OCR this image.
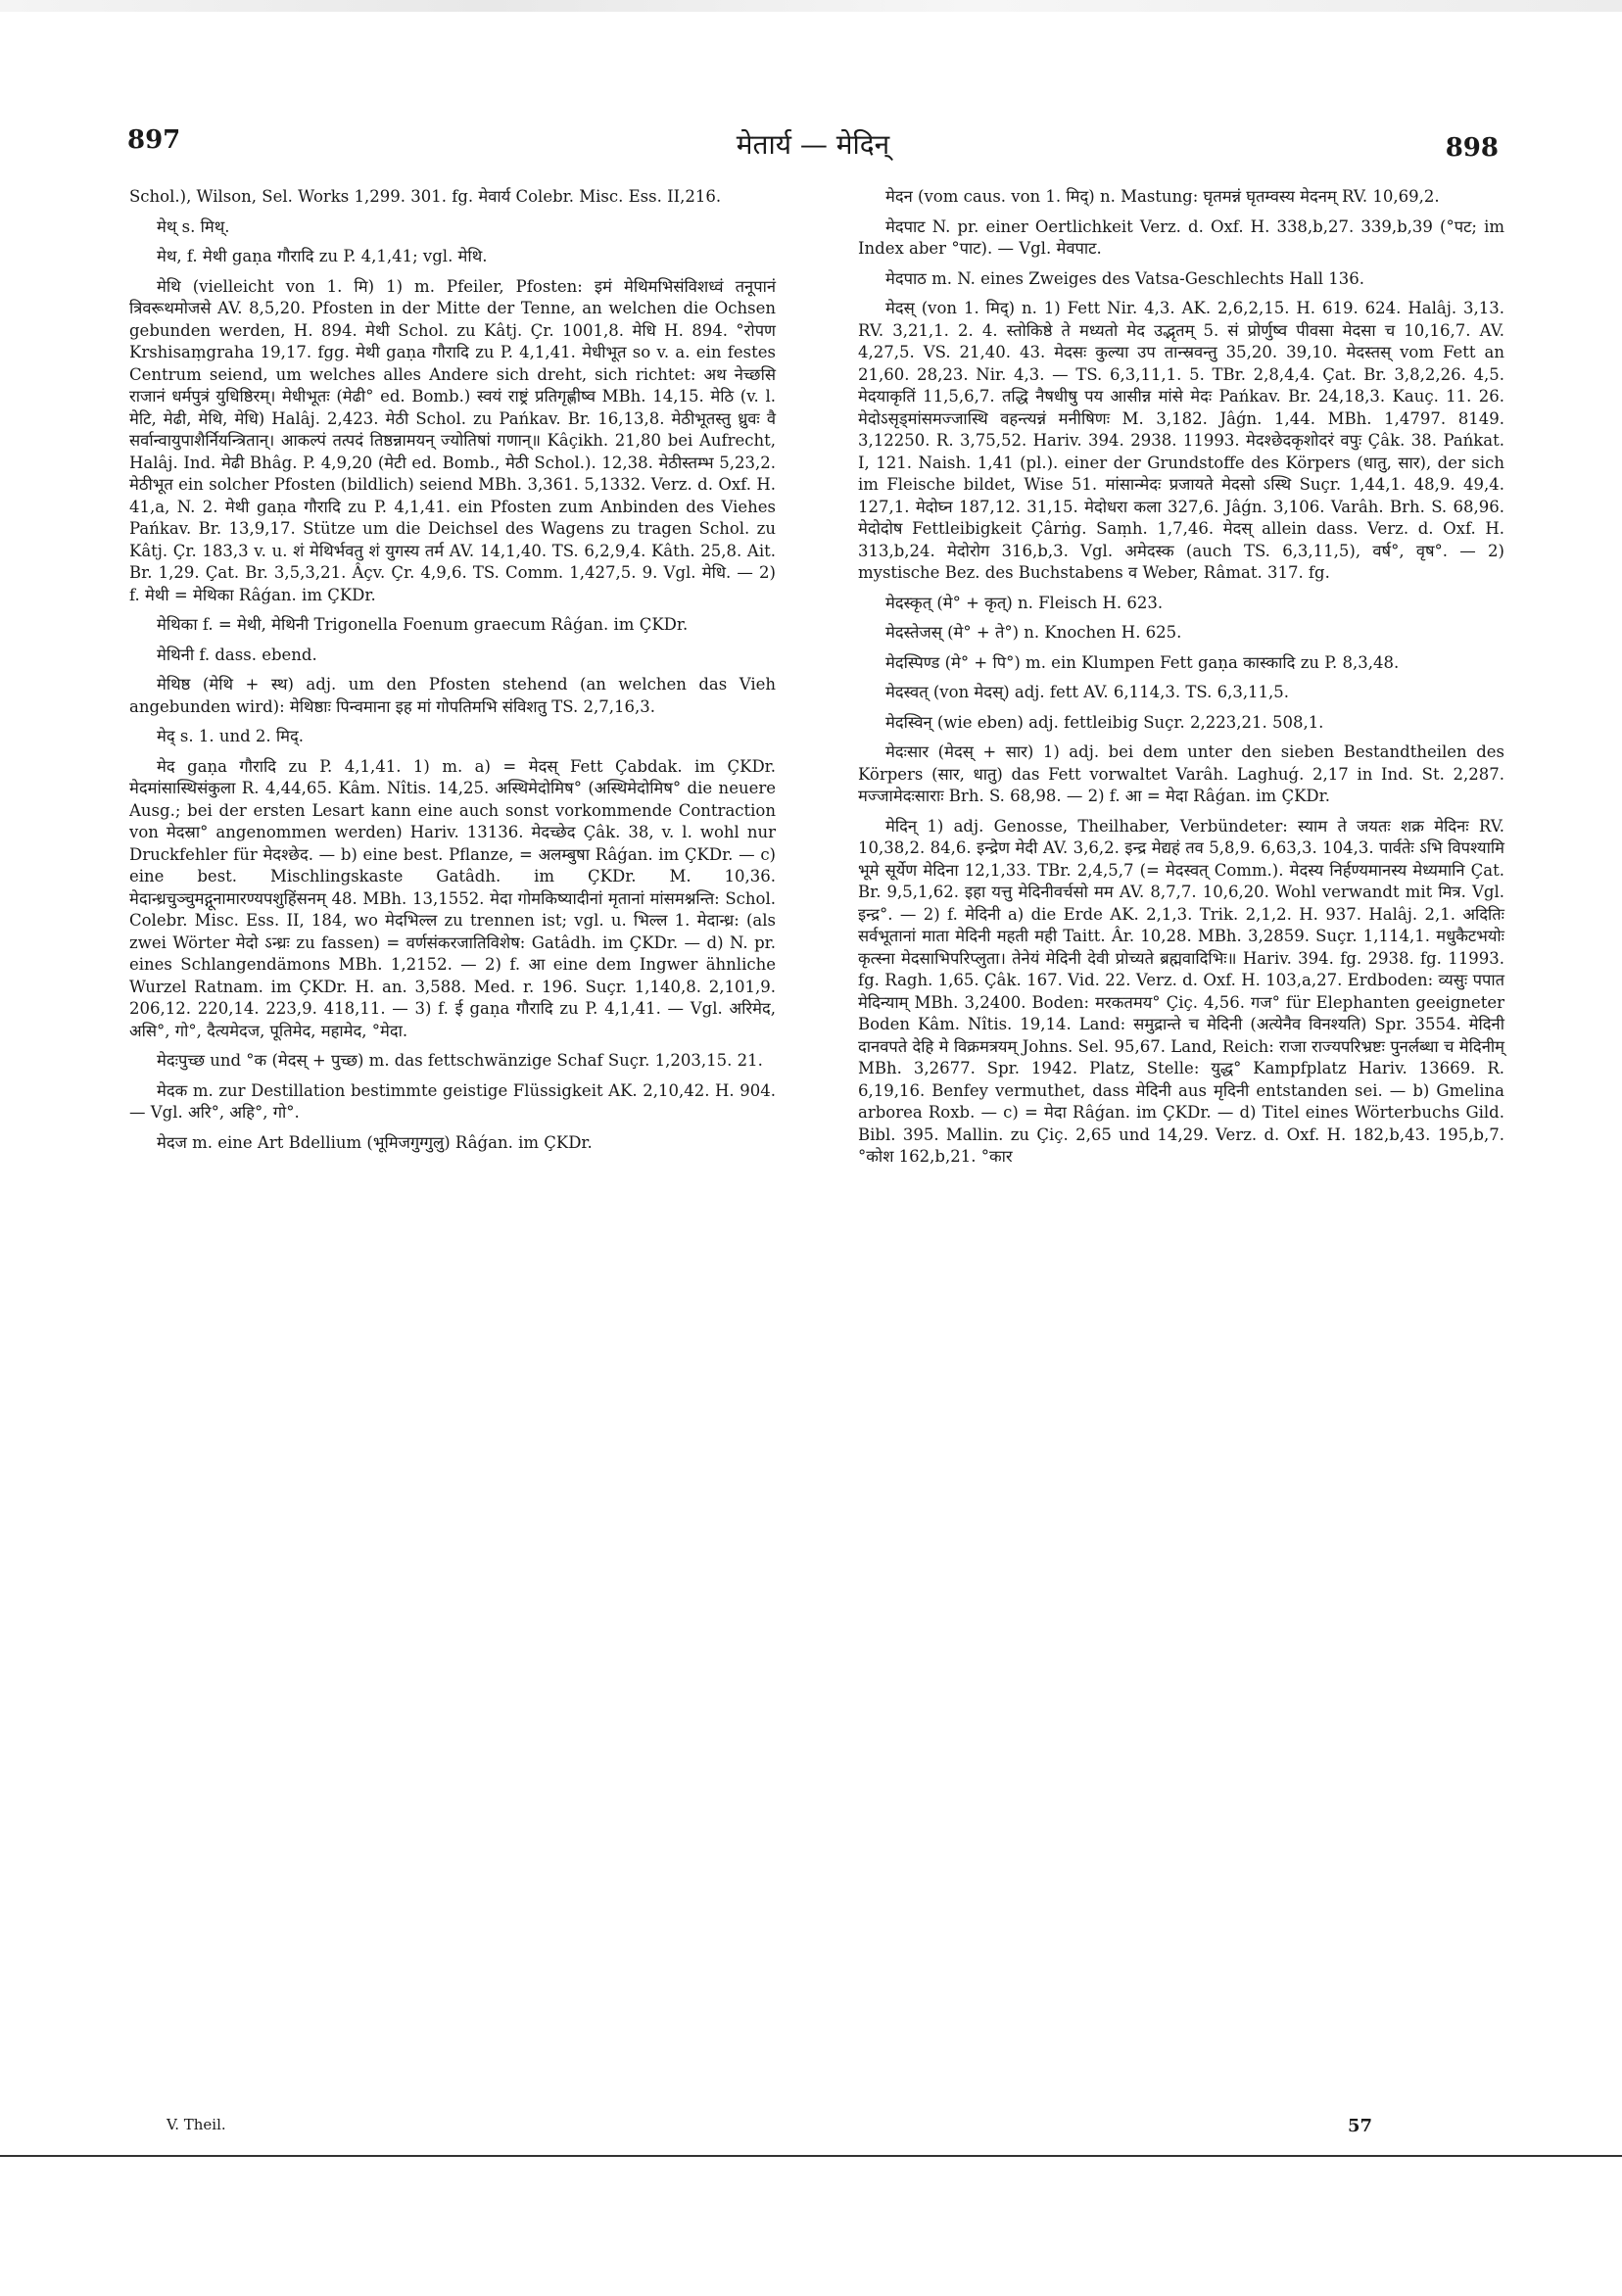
897	मेतार्य — मेदिन्	898

Schol.), Wilson, Sel. Works 1,299. 301. fg. मेवार्य Colebr. Misc. Ess. II,216.

मेथ् s. मिथ्.

मेथ, f. मेथी gaṇa गौरादि zu P. 4,1,41; vgl. मेथि.

मेथि (vielleicht von 1. मि) 1) m. Pfeiler, Pfosten: इमं मेथिमभिसंविशध्वं तनूपानं त्रिवरूथमोजसे AV. 8,5,20. Pfosten in der Mitte der Tenne, an welchen die Ochsen gebunden werden, H. 894. मेथी Schol. zu Kâtj. Çr. 1001,8. मेधि H. 894. °रोपण Krshisaṃgraha 19,17. fgg. मेथी gaṇa गौरादि zu P. 4,1,41. मेधीभूत so v. a. ein festes Centrum seiend, um welches alles Andere sich dreht, sich richtet: अथ नेच्छसि राजानं धर्मपुत्रं युधिष्ठिरम्। मेधीभूतः (मेढी° ed. Bomb.) स्वयं राष्ट्रं प्रतिगृह्णीष्व MBh. 14,15. मेठि (v. l. मेटि, मेढी, मेथि, मेधि) Halâj. 2,423. मेठी Schol. zu Pańkav. Br. 16,13,8. मेठीभूतस्तु ध्रुवः वै सर्वान्वायुपाशैर्नियन्त्रितान्। आकल्पं तत्पदं तिष्ठन्नामयन् ज्योतिषां गणान्॥ Kâçikh. 21,80 bei Aufrecht, Halâj. Ind. मेढी Bhâg. P. 4,9,20 (मेटी ed. Bomb., मेठी Schol.). 12,38. मेठीस्तम्भ 5,23,2. मेठीभूत ein solcher Pfosten (bildlich) seiend MBh. 3,361. 5,1332. Verz. d. Oxf. H. 41,a, N. 2. मेथी gaṇa गौरादि zu P. 4,1,41. ein Pfosten zum Anbinden des Viehes Pańkav. Br. 13,9,17. Stütze um die Deichsel des Wagens zu tragen Schol. zu Kâtj. Çr. 183,3 v. u. शं मेथिर्भवतु शं युगस्य तर्म AV. 14,1,40. TS. 6,2,9,4. Kâth. 25,8. Ait. Br. 1,29. Çat. Br. 3,5,3,21. Âçv. Çr. 4,9,6. TS. Comm. 1,427,5. 9. Vgl. मेधि. — 2) f. मेथी = मेथिका Râǵan. im ÇKDr.

मेथिका f. = मेथी, मेथिनी Trigonella Foenum graecum Râǵan. im ÇKDr.

मेथिनी f. dass. ebend.

मेथिष्ठ (मेथि + स्थ) adj. um den Pfosten stehend (an welchen das Vieh angebunden wird): मेथिष्ठाः पिन्वमाना इह मां गोपतिमभि संविशतु TS. 2,7,16,3.

मेद् s. 1. und 2. मिद्.

मेद gaṇa गौरादि zu P. 4,1,41. 1) m. a) = मेदस् Fett Çabdak. im ÇKDr. मेदमांसास्थिसंकुला R. 4,44,65. Kâm. Nîtis. 14,25. अस्थिमेदोमिष° (अस्थिमेदोमिष° die neuere Ausg.; bei der ersten Lesart kann eine auch sonst vorkommende Contraction von मेदस्रा° angenommen werden) Hariv. 13136. मेदच्छेद Çâk. 38, v. l. wohl nur Druckfehler für मेदश्छेद. — b) eine best. Pflanze, = अलम्बुषा Râǵan. im ÇKDr. — c) eine best. Mischlingskaste Gatâdh. im ÇKDr. M. 10,36. मेदान्ध्रचुञ्चुमद्गूनामारण्यपशुहिंसनम् 48. MBh. 13,1552. मेदा गोमकिष्यादीनां मृतानां मांसमश्नन्ति: Schol. Colebr. Misc. Ess. II, 184, wo मेदभिल्ल zu trennen ist; vgl. u. भिल्ल 1. मेदान्ध्र: (als zwei Wörter मेदो ऽन्ध्रः zu fassen) = वर्णसंकरजातिविशेष: Gatâdh. im ÇKDr. — d) N. pr. eines Schlangendämons MBh. 1,2152. — 2) f. आ eine dem Ingwer ähnliche Wurzel Ratnam. im ÇKDr. H. an. 3,588. Med. r. 196. Suçr. 1,140,8. 2,101,9. 206,12. 220,14. 223,9. 418,11. — 3) f. ई gaṇa गौरादि zu P. 4,1,41. — Vgl. अरिमेद, असि°, गो°, दैत्यमेदज, पूतिमेद, महामेद, °मेदा.

मेदःपुच्छ und °क (मेदस् + पुच्छ) m. das fettschwänzige Schaf Suçr. 1,203,15. 21.

मेदक m. zur Destillation bestimmte geistige Flüssigkeit AK. 2,10,42. H. 904. — Vgl. अरि°, अहि°, गो°.

मेदज m. eine Art Bdellium (भूमिजगुग्गुलु) Râǵan. im ÇKDr.

मेदन (vom caus. von 1. मिद्) n. Mastung: घृतमन्नं घृतम्वस्य मेदनम् RV. 10,69,2.

मेदपाट N. pr. einer Oertlichkeit Verz. d. Oxf. H. 338,b,27. 339,b,39 (°पट; im Index aber °पाट). — Vgl. मेवपाट.

मेदपाठ m. N. eines Zweiges des Vatsa-Geschlechts Hall 136.

मेदस् (von 1. मिद्) n. 1) Fett Nir. 4,3. AK. 2,6,2,15. H. 619. 624. Halâj. 3,13. RV. 3,21,1. 2. 4. स्तोकिष्ठे ते मध्यतो मेद उद्भृतम् 5. सं प्रोर्णुष्व पीवसा मेदसा च 10,16,7. AV. 4,27,5. VS. 21,40. 43. मेदसः कुल्या उप तान्स्रवन्तु 35,20. 39,10. मेदस्तस् vom Fett an 21,60. 28,23. Nir. 4,3. — TS. 6,3,11,1. 5. TBr. 2,8,4,4. Çat. Br. 3,8,2,26. 4,5. मेदयाकृतिं 11,5,6,7. तद्धि नैषधीषु पय आसीन्न मांसे मेदः Pańkav. Br. 24,18,3. Kauç. 11. 26. मेदोऽसृड्मांसमज्जास्थि वहन्त्यन्नं मनीषिणः M. 3,182. Jâǵn. 1,44. MBh. 1,4797. 8149. 3,12250. R. 3,75,52. Hariv. 394. 2938. 11993. मेदश्छेदकृशोदरं वपुः Çâk. 38. Pańkat. I, 121. Naish. 1,41 (pl.). einer der Grundstoffe des Körpers (धातु, सार), der sich im Fleische bildet, Wise 51. मांसान्मेदः प्रजायते मेदसो ऽस्थि Suçr. 1,44,1. 48,9. 49,4. 127,1. मेदोघ्न 187,12. 31,15. मेदोधरा कला 327,6. Jâǵn. 3,106. Varâh. Brh. S. 68,96. मेदोदोष Fettleibigkeit Çârṅg. Saṃh. 1,7,46. मेदस् allein dass. Verz. d. Oxf. H. 313,b,24. मेदोरोग 316,b,3. Vgl. अमेदस्क (auch TS. 6,3,11,5), वर्ष°, वृष°. — 2) mystische Bez. des Buchstabens व Weber, Râmat. 317. fg.

मेदस्कृत् (मे° + कृत्) n. Fleisch H. 623.

मेदस्तेजस् (मे° + ते°) n. Knochen H. 625.

मेदस्पिण्ड (मे° + पि°) m. ein Klumpen Fett gaṇa कास्कादि zu P. 8,3,48.

मेदस्वत् (von मेदस्) adj. fett AV. 6,114,3. TS. 6,3,11,5.

मेदस्विन् (wie eben) adj. fettleibig Suçr. 2,223,21. 508,1.

मेदःसार (मेदस् + सार) 1) adj. bei dem unter den sieben Bestandtheilen des Körpers (सार, धातु) das Fett vorwaltet Varâh. Laghuǵ. 2,17 in Ind. St. 2,287. मज्जामेदःसाराः Brh. S. 68,98. — 2) f. आ = मेदा Râǵan. im ÇKDr.

मेदिन् 1) adj. Genosse, Theilhaber, Verbündeter: स्याम ते जयतः शक्र मेदिनः RV. 10,38,2. 84,6. इन्द्रेण मेदी AV. 3,6,2. इन्द्र मेद्यहं तव 5,8,9. 6,63,3. 104,3. पार्वतेः ऽभि विपश्यामि भूमे सूर्येण मेदिना 12,1,33. TBr. 2,4,5,7 (= मेदस्वत् Comm.). मेदस्य निर्हण्यमानस्य मेध्यमानि Çat. Br. 9,5,1,62. इहा यत्तु मेदिनीवर्चसो मम AV. 8,7,7. 10,6,20. Wohl verwandt mit मित्र. Vgl. इन्द्र°. — 2) f. मेदिनी a) die Erde AK. 2,1,3. Trik. 2,1,2. H. 937. Halâj. 2,1. अदितिः सर्वभूतानां माता मेदिनी महती मही Taitt. Âr. 10,28. MBh. 3,2859. Suçr. 1,114,1. मधुकैटभयोः कृत्स्ना मेदसाभिपरिप्लुता। तेनेयं मेदिनी देवी प्रोच्यते ब्रह्मवादिभिः॥ Hariv. 394. fg. 2938. fg. 11993. fg. Ragh. 1,65. Çâk. 167. Vid. 22. Verz. d. Oxf. H. 103,a,27. Erdboden: व्यसुः पपात मेदिन्याम् MBh. 3,2400. Boden: मरकतमय° Çiç. 4,56. गज° für Elephanten geeigneter Boden Kâm. Nîtis. 19,14. Land: समुद्रान्ते च मेदिनी (अत्येनैव विनश्यति) Spr. 3554. मेदिनी दानवपते देहि मे विक्रमत्रयम् Johns. Sel. 95,67. Land, Reich: राजा राज्यपरिभ्रष्टः पुनर्लब्धा च मेदिनीम् MBh. 3,2677. Spr. 1942. Platz, Stelle: युद्ध° Kampfplatz Hariv. 13669. R. 6,19,16. Benfey vermuthet, dass मेदिनी aus मृदिनी entstanden sei. — b) Gmelina arborea Roxb. — c) = मेदा Râǵan. im ÇKDr. — d) Titel eines Wörterbuchs Gild. Bibl. 395. Mallin. zu Çiç. 2,65 und 14,29. Verz. d. Oxf. H. 182,b,43. 195,b,7. °कोश 162,b,21. °कार

V. Theil.	57
